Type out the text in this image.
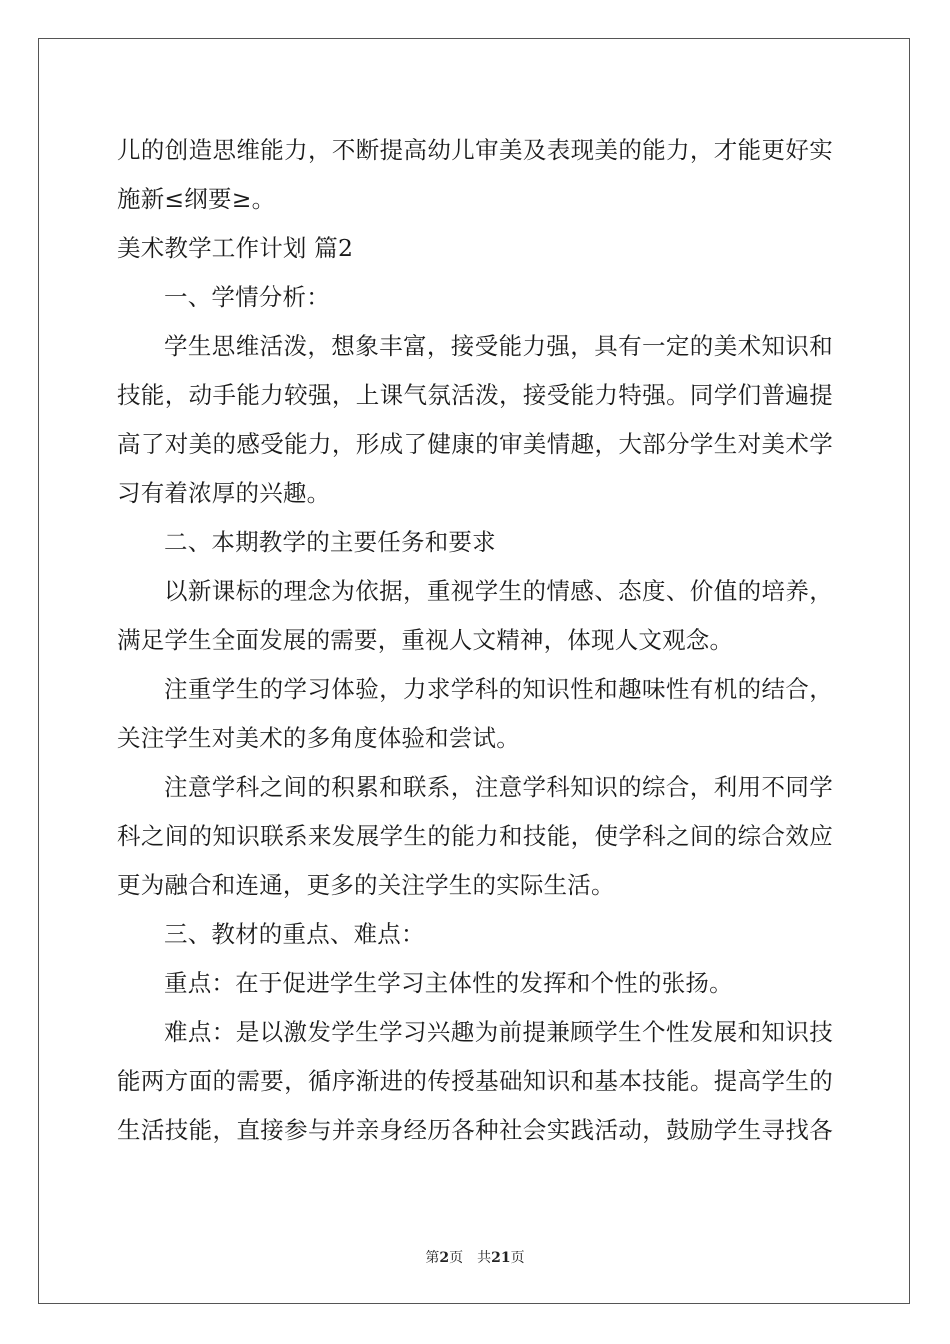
儿的创造思维能力，不断提高幼儿审美及表现美的能力，才能更好实
施新≤纲要≥。
美术教学工作计划 篇2
一、学情分析：
学生思维活泼，想象丰富，接受能力强，具有一定的美术知识和
技能，动手能力较强，上课气氛活泼，接受能力特强。同学们普遍提
高了对美的感受能力，形成了健康的审美情趣，大部分学生对美术学
习有着浓厚的兴趣。
二、本期教学的主要任务和要求
以新课标的理念为依据，重视学生的情感、态度、价值的培养，
满足学生全面发展的需要，重视人文精神，体现人文观念。
注重学生的学习体验，力求学科的知识性和趣味性有机的结合，
关注学生对美术的多角度体验和尝试。
注意学科之间的积累和联系，注意学科知识的综合，利用不同学
科之间的知识联系来发展学生的能力和技能，使学科之间的综合效应
更为融合和连通，更多的关注学生的实际生活。
三、教材的重点、难点：
重点：在于促进学生学习主体性的发挥和个性的张扬。
难点：是以激发学生学习兴趣为前提兼顾学生个性发展和知识技
能两方面的需要，循序渐进的传授基础知识和基本技能。提高学生的
生活技能，直接参与并亲身经历各种社会实践活动，鼓励学生寻找各
第2页　共21页
